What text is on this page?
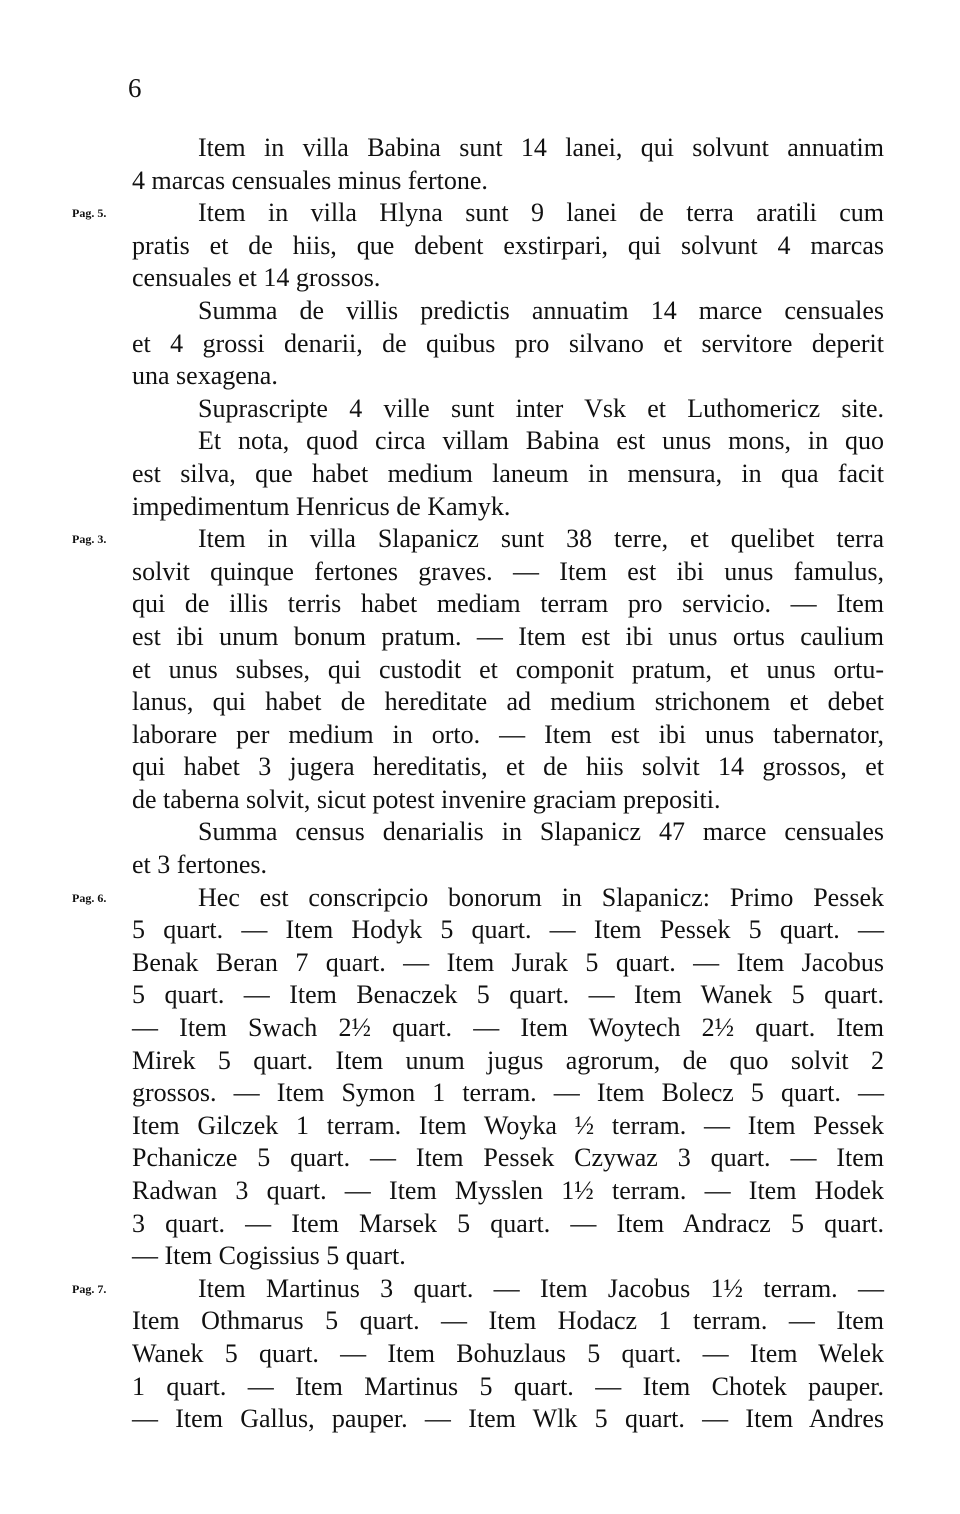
6
Item in villa Babina sunt 14 lanei, qui solvunt annuatim
4 marcas censuales minus fertone.
Pag. 5.	Item in villa Hlyna sunt 9 lanei de terra aratili cum
pratis et de hiis, que debent exstirpari, qui solvunt 4 marcas
censuales et 14 grossos.
Summa de villis predictis annuatim 14 marce censuales
et 4 grossi denarii, de quibus pro silvano et servitore deperit
una sexagena.
Suprascripte 4 ville sunt inter Vsk et Luthomericz site.
Et nota, quod circa villam Babina est unus mons, in quo
est silva, que habet medium laneum in mensura, in qua facit
impedimentum Henricus de Kamyk.
Pag. 3.	Item in villa Slapanicz sunt 38 terre, et quelibet terra
solvit quinque fertones graves. — Item est ibi unus famulus,
qui de illis terris habet mediam terram pro servicio. — Item
est ibi unum bonum pratum. — Item est ibi unus ortus caulium
et unus subses, qui custodit et componit pratum, et unus ortu-
lanus, qui habet de hereditate ad medium strichonem et debet
laborare per medium in orto. — Item est ibi unus tabernator,
qui habet 3 jugera hereditatis, et de hiis solvit 14 grossos, et
de taberna solvit, sicut potest invenire graciam prepositi.
Summa census denarialis in Slapanicz 47 marce censuales
et 3 fertones.
Pag. 6.	Hec est conscripcio bonorum in Slapanicz: Primo Pessek
5 quart. — Item Hodyk 5 quart. — Item Pessek 5 quart. —
Benak Beran 7 quart. — Item Jurak 5 quart. — Item Jacobus
5 quart. — Item Benaczek 5 quart. — Item Wanek 5 quart.
— Item Swach 2½ quart. — Item Woytech 2½ quart. Item
Mirek 5 quart. Item unum jugus agrorum, de quo solvit 2
grossos. — Item Symon 1 terram. — Item Bolecz 5 quart. —
Item Gilczek 1 terram. Item Woyka ½ terram. — Item Pessek
Pchanicze 5 quart. — Item Pessek Czywaz 3 quart. — Item
Radwan 3 quart. — Item Mysslen 1½ terram. — Item Hodek
3 quart. — Item Marsek 5 quart. — Item Andracz 5 quart.
— Item Cogissius 5 quart.
Pag. 7.	Item Martinus 3 quart. — Item Jacobus 1½ terram. —
Item Othmarus 5 quart. — Item Hodacz 1 terram. — Item
Wanek 5 quart. — Item Bohuzlaus 5 quart. — Item Welek
1 quart. — Item Martinus 5 quart. — Item Chotek pauper.
— Item Gallus, pauper. — Item Wlk 5 quart. — Item Andres
